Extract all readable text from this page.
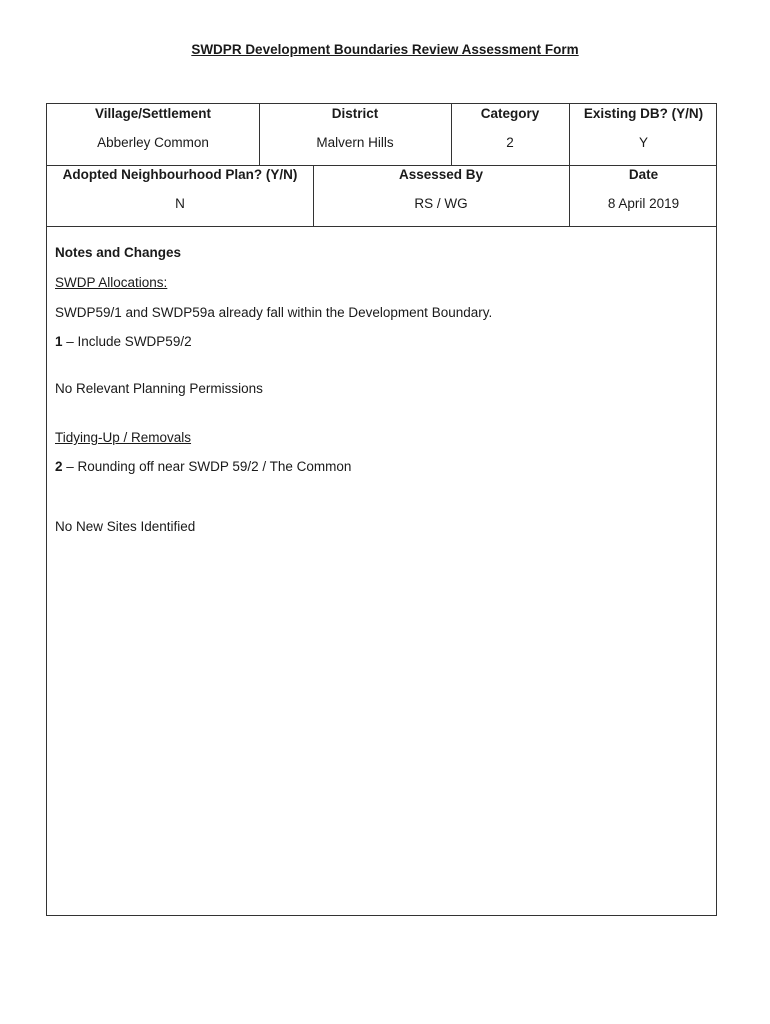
SWDPR Development Boundaries Review Assessment Form
Village/Settlement
Abberley Common
District
Malvern Hills
Category
2
Existing DB? (Y/N)
Y
Adopted Neighbourhood Plan? (Y/N)
N
Assessed By
RS / WG
Date
8 April 2019
Notes and Changes
SWDP Allocations:
SWDP59/1 and SWDP59a already fall within the Development Boundary.
1 – Include SWDP59/2
No Relevant Planning Permissions
Tidying-Up / Removals
2 – Rounding off near SWDP 59/2 / The Common
No New Sites Identified
